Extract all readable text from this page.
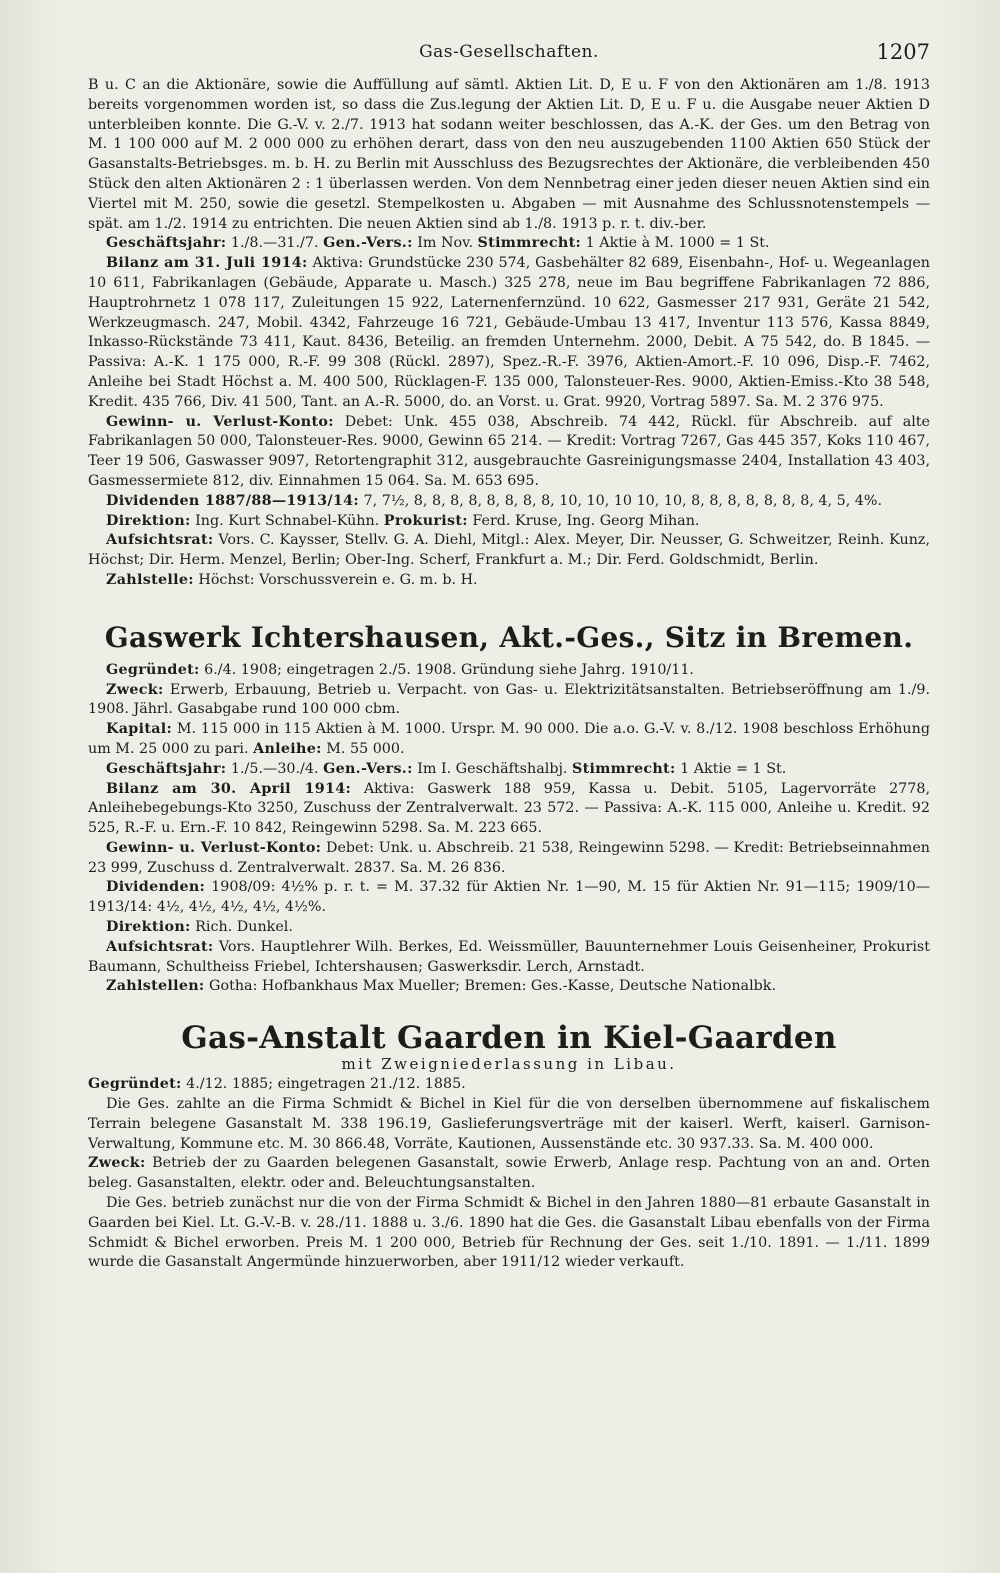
Gas-Gesellschaften.	1207

B u. C an die Aktionäre, sowie die Auffüllung auf sämtl. Aktien Lit. D, E u. F von den Aktionären am 1./8. 1913 bereits vorgenommen worden ist, so dass die Zus.legung der Aktien Lit. D, E u. F u. die Ausgabe neuer Aktien D unterbleiben konnte. Die G.-V. v. 2./7. 1913 hat sodann weiter beschlossen, das A.-K. der Ges. um den Betrag von M. 1 100 000 auf M. 2 000 000 zu erhöhen derart, dass von den neu auszugebenden 1100 Aktien 650 Stück der Gasanstalts-Betriebsges. m. b. H. zu Berlin mit Ausschluss des Bezugsrechtes der Aktionäre, die verbleibenden 450 Stück den alten Aktionären 2 : 1 überlassen werden. Von dem Nennbetrag einer jeden dieser neuen Aktien sind ein Viertel mit M. 250, sowie die gesetzl. Stempelkosten u. Abgaben — mit Ausnahme des Schlussnotenstempels — spät. am 1./2. 1914 zu entrichten. Die neuen Aktien sind ab 1./8. 1913 p. r. t. div.-ber.

Geschäftsjahr: 1./8.—31./7. Gen.-Vers.: Im Nov. Stimmrecht: 1 Aktie à M. 1000 = 1 St.

Bilanz am 31. Juli 1914: Aktiva: Grundstücke 230 574, Gasbehälter 82 689, Eisenbahn-, Hof- u. Wegeanlagen 10 611, Fabrikanlagen (Gebäude, Apparate u. Masch.) 325 278, neue im Bau begriffene Fabrikanlagen 72 886, Hauptrohrnetz 1 078 117, Zuleitungen 15 922, Laternenfernzünd. 10 622, Gasmesser 217 931, Geräte 21 542, Werkzeugmasch. 247, Mobil. 4342, Fahrzeuge 16 721, Gebäude-Umbau 13 417, Inventur 113 576, Kassa 8849, Inkasso-Rückstände 73 411, Kaut. 8436, Beteilig. an fremden Unternehm. 2000, Debit. A 75 542, do. B 1845. — Passiva: A.-K. 1 175 000, R.-F. 99 308 (Rückl. 2897), Spez.-R.-F. 3976, Aktien-Amort.-F. 10 096, Disp.-F. 7462, Anleihe bei Stadt Höchst a. M. 400 500, Rücklagen-F. 135 000, Talonsteuer-Res. 9000, Aktien-Emiss.-Kto 38 548, Kredit. 435 766, Div. 41 500, Tant. an A.-R. 5000, do. an Vorst. u. Grat. 9920, Vortrag 5897. Sa. M. 2 376 975.

Gewinn- u. Verlust-Konto: Debet: Unk. 455 038, Abschreib. 74 442, Rückl. für Abschreib. auf alte Fabrikanlagen 50 000, Talonsteuer-Res. 9000, Gewinn 65 214. — Kredit: Vortrag 7267, Gas 445 357, Koks 110 467, Teer 19 506, Gaswasser 9097, Retortengraphit 312, ausgebrauchte Gasreinigungsmasse 2404, Installation 43 403, Gasmessermiete 812, div. Einnahmen 15 064. Sa. M. 653 695.

Dividenden 1887/88—1913/14: 7, 7½, 8, 8, 8, 8, 8, 8, 8, 8, 10, 10, 10 10, 10, 8, 8, 8, 8, 8, 8, 8, 4, 5, 4%.

Direktion: Ing. Kurt Schnabel-Kühn. Prokurist: Ferd. Kruse, Ing. Georg Mihan.

Aufsichtsrat: Vors. C. Kaysser, Stellv. G. A. Diehl, Mitgl.: Alex. Meyer, Dir. Neusser, G. Schweitzer, Reinh. Kunz, Höchst; Dir. Herm. Menzel, Berlin; Ober-Ing. Scherf, Frankfurt a. M.; Dir. Ferd. Goldschmidt, Berlin.

Zahlstelle: Höchst: Vorschussverein e. G. m. b. H.

Gaswerk Ichtershausen, Akt.-Ges., Sitz in Bremen.

Gegründet: 6./4. 1908; eingetragen 2./5. 1908. Gründung siehe Jahrg. 1910/11.

Zweck: Erwerb, Erbauung, Betrieb u. Verpacht. von Gas- u. Elektrizitätsanstalten. Betriebseröffnung am 1./9. 1908. Jährl. Gasabgabe rund 100 000 cbm.

Kapital: M. 115 000 in 115 Aktien à M. 1000. Urspr. M. 90 000. Die a.o. G.-V. v. 8./12. 1908 beschloss Erhöhung um M. 25 000 zu pari. Anleihe: M. 55 000.

Geschäftsjahr: 1./5.—30./4. Gen.-Vers.: Im I. Geschäftshalbj. Stimmrecht: 1 Aktie = 1 St.

Bilanz am 30. April 1914: Aktiva: Gaswerk 188 959, Kassa u. Debit. 5105, Lagervorräte 2778, Anleihebegebungs-Kto 3250, Zuschuss der Zentralverwalt. 23 572. — Passiva: A.-K. 115 000, Anleihe u. Kredit. 92 525, R.-F. u. Ern.-F. 10 842, Reingewinn 5298. Sa. M. 223 665.

Gewinn- u. Verlust-Konto: Debet: Unk. u. Abschreib. 21 538, Reingewinn 5298. — Kredit: Betriebseinnahmen 23 999, Zuschuss d. Zentralverwalt. 2837. Sa. M. 26 836.

Dividenden: 1908/09: 4½% p. r. t. = M. 37.32 für Aktien Nr. 1—90, M. 15 für Aktien Nr. 91—115; 1909/10—1913/14: 4½, 4½, 4½, 4½, 4½%.

Direktion: Rich. Dunkel.

Aufsichtsrat: Vors. Hauptlehrer Wilh. Berkes, Ed. Weissmüller, Bauunternehmer Louis Geisenheiner, Prokurist Baumann, Schultheiss Friebel, Ichtershausen; Gaswerksdir. Lerch, Arnstadt.

Zahlstellen: Gotha: Hofbankhaus Max Mueller; Bremen: Ges.-Kasse, Deutsche Nationalbk.

Gas-Anstalt Gaarden in Kiel-Gaarden
mit Zweigniederlassung in Libau.

Gegründet: 4./12. 1885; eingetragen 21./12. 1885.

Die Ges. zahlte an die Firma Schmidt & Bichel in Kiel für die von derselben übernommene auf fiskalischem Terrain belegene Gasanstalt M. 338 196.19, Gaslieferungsverträge mit der kaiserl. Werft, kaiserl. Garnison-Verwaltung, Kommune etc. M. 30 866.48, Vorräte, Kautionen, Aussenstände etc. 30 937.33. Sa. M. 400 000.

Zweck: Betrieb der zu Gaarden belegenen Gasanstalt, sowie Erwerb, Anlage resp. Pachtung von an and. Orten beleg. Gasanstalten, elektr. oder and. Beleuchtungsanstalten.

Die Ges. betrieb zunächst nur die von der Firma Schmidt & Bichel in den Jahren 1880—81 erbaute Gasanstalt in Gaarden bei Kiel. Lt. G.-V.-B. v. 28./11. 1888 u. 3./6. 1890 hat die Ges. die Gasanstalt Libau ebenfalls von der Firma Schmidt & Bichel erworben. Preis M. 1 200 000, Betrieb für Rechnung der Ges. seit 1./10. 1891. — 1./11. 1899 wurde die Gasanstalt Angermünde hinzuerworben, aber 1911/12 wieder verkauft.
